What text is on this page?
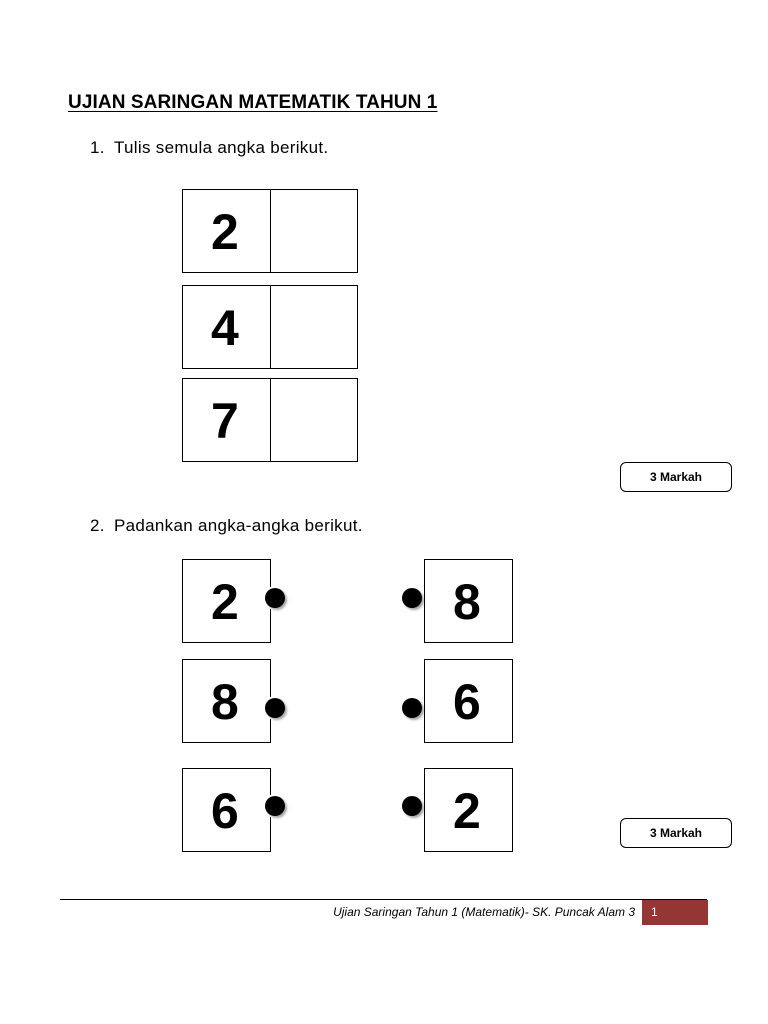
UJIAN SARINGAN MATEMATIK TAHUN 1
1. Tulis semula angka berikut.
2
4
7
3 Markah
2. Padankan angka-angka berikut.
2
8
6
8
6
2	3 Markah
Ujian Saringan Tahun 1 (Matematik)- SK. Puncak Alam 3	1
